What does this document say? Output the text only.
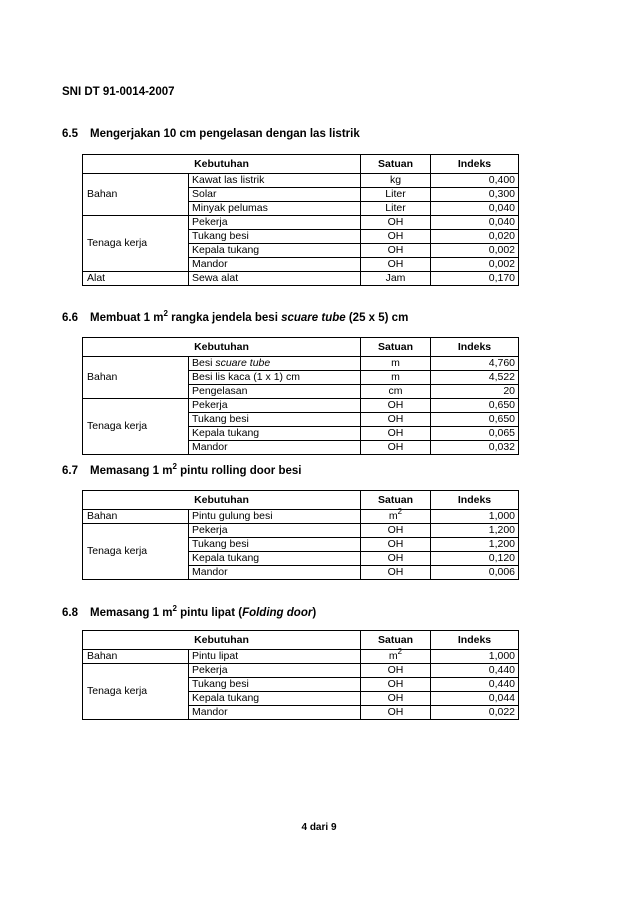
SNI DT 91-0014-2007
6.5 Mengerjakan 10 cm pengelasan dengan las listrik
Kebutuhan		Satuan	Indeks
Bahan	Kawat las listrik	kg	0,400
	Solar	Liter	0,300
	Minyak pelumas	Liter	0,040
Tenaga kerja	Pekerja	OH	0,040
	Tukang besi	OH	0,020
	Kepala tukang	OH	0,002
	Mandor	OH	0,002
Alat	Sewa alat	Jam	0,170
6.6 Membuat 1 $m^2$ rangka jendela besi scuare tube (25 x 5) cm
Kebutuhan		Satuan	Indeks
Bahan	Besi scuare tube	m	4,760
	Besi lis kaca (1 x 1) cm	m	4,522
	Pengelasan	cm	20
Tenaga kerja	Pekerja	OH	0,650
	Tukang besi	OH	0,650
	Kepala tukang	OH	0,065
	Mandor	OH	0,032
6.7 Memasang 1 $m^2$ pintu rolling door besi
Kebutuhan		Satuan	Indeks
Bahan	Pintu gulung besi	$m^2$	1,000
Tenaga kerja	Pekerja	OH	1,200
	Tukang besi	OH	1,200
	Kepala tukang	OH	0,120
	Mandor	OH	0,006
6.8 Memasang 1 $m^2$ pintu lipat (Folding door)
Kebutuhan		Satuan	Indeks
Bahan	Pintu lipat	$m^2$	1,000
Tenaga kerja	Pekerja	OH	0,440
	Tukang besi	OH	0,440
	Kepala tukang	OH	0,044
	Mandor	OH	0,022
4 dari 9
